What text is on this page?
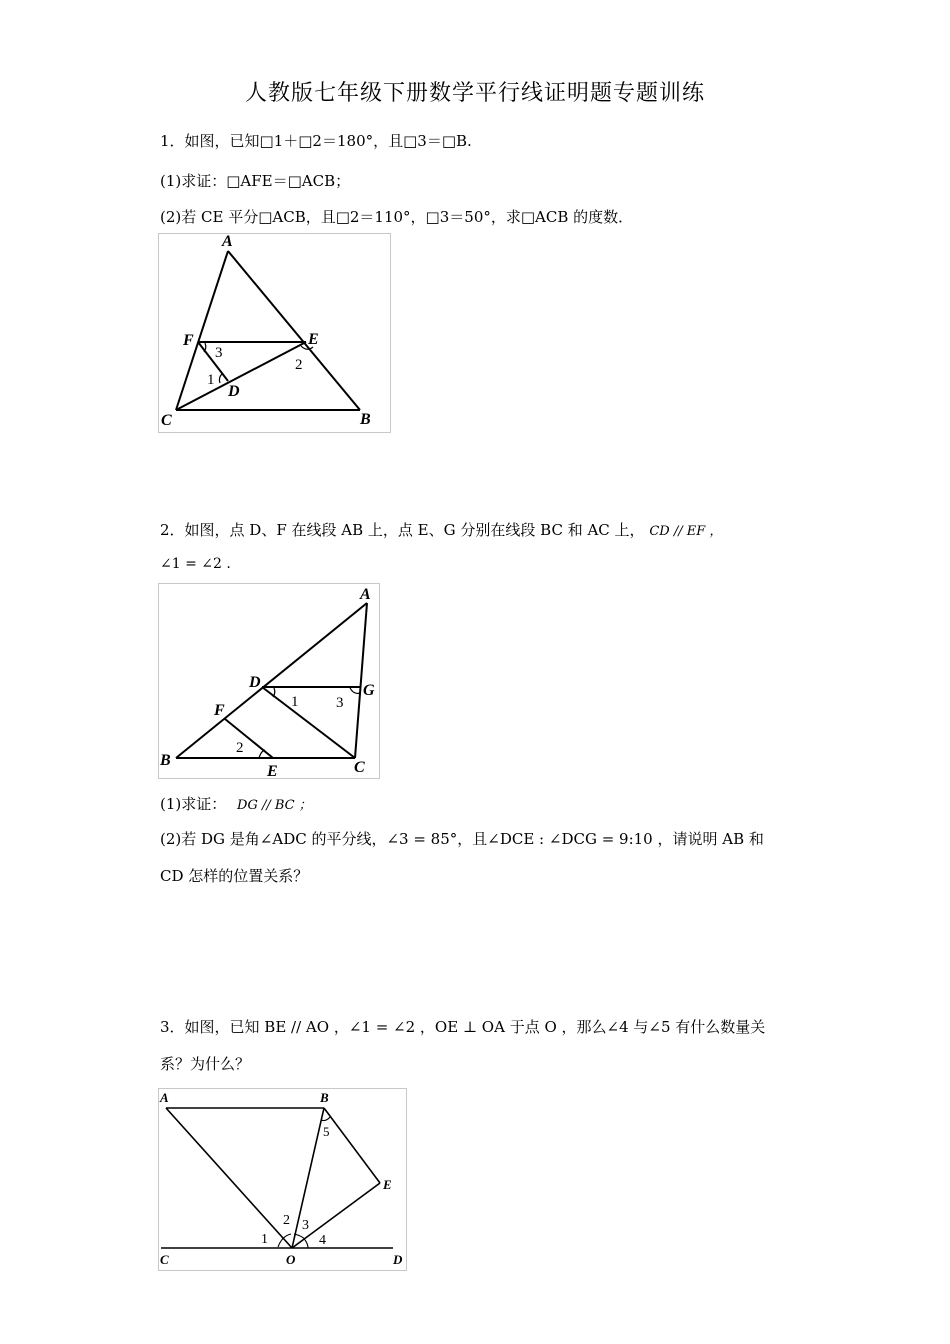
人教版七年级下册数学平行线证明题专题训练
1．如图，已知□1＋□2＝180°，且□3＝□B.
(1)求证：□AFE＝□ACB；
(2)若 CE 平分□ACB，且□2＝110°，□3＝50°，求□ACB 的度数．
A
F	E
D
C	B
3
1
2
2．如图，点 D、F 在线段 AB 上，点 E、G 分别在线段 BC 和 AC 上， CD // EF ，
∠1 = ∠2 .
A
D	G
F
B
E	C
1	3
2
(1)求证： DG // BC ；
(2)若 DG 是角∠ADC 的平分线，∠3 = 85°，且∠DCE : ∠DCG = 9:10 ，请说明 AB 和
CD 怎样的位置关系？
3．如图，已知 BE // AO ，∠1 = ∠2 ，OE ⊥ OA 于点 O ，那么∠4 与∠5 有什么数量关
系？为什么？
A	B
E
C	O	D
1
2 3
4
5
